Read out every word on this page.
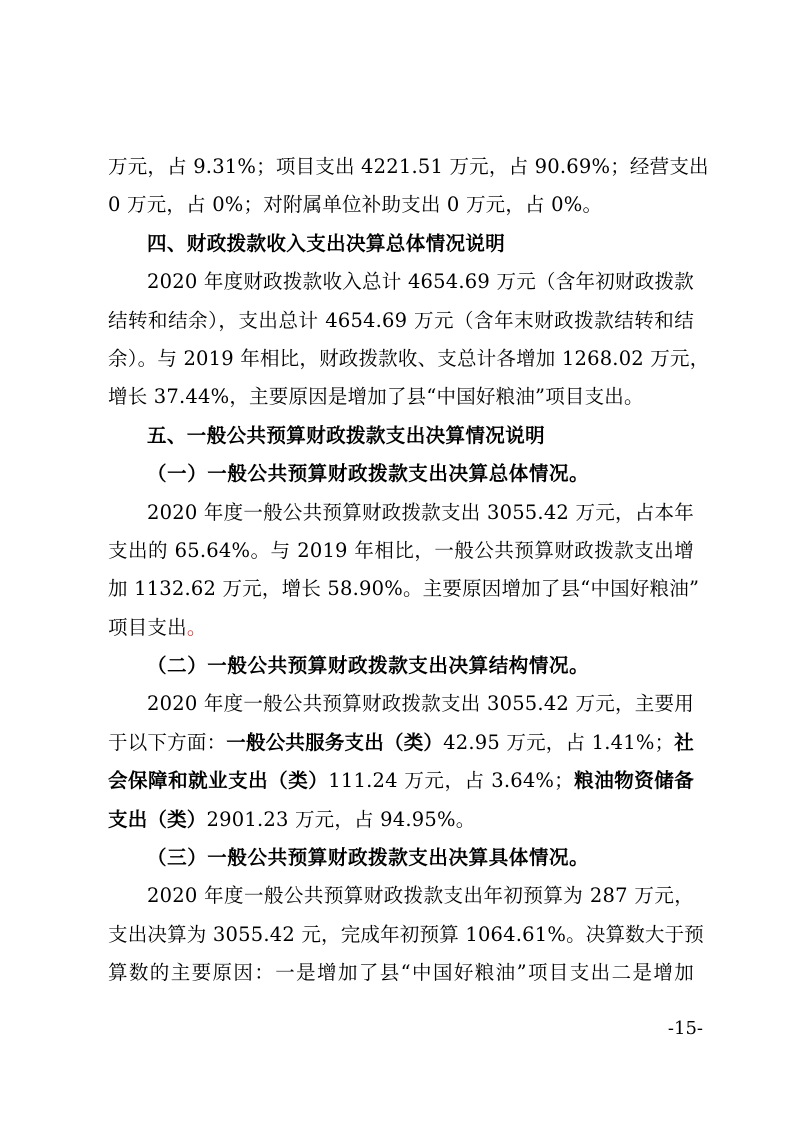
万元，占 9.31%；项目支出 4221.51 万元，占 90.69%；经营支出
0 万元，占 0%；对附属单位补助支出 0 万元，占 0%。
四、财政拨款收入支出决算总体情况说明
2020 年度财政拨款收入总计 4654.69 万元（含年初财政拨款
结转和结余），支出总计 4654.69 万元（含年末财政拨款结转和结
余）。与 2019 年相比，财政拨款收、支总计各增加 1268.02 万元，
增长 37.44%，主要原因是增加了县“中国好粮油”项目支出。
五、一般公共预算财政拨款支出决算情况说明
（一）一般公共预算财政拨款支出决算总体情况。
2020 年度一般公共预算财政拨款支出 3055.42 万元，占本年
支出的 65.64%。与 2019 年相比，一般公共预算财政拨款支出增
加 1132.62 万元，增长 58.90%。主要原因增加了县“中国好粮油”
项目支出。
（二）一般公共预算财政拨款支出决算结构情况。
2020 年度一般公共预算财政拨款支出 3055.42 万元，主要用
于以下方面：一般公共服务支出（类）42.95 万元，占 1.41%；社
会保障和就业支出（类）111.24 万元，占 3.64%；粮油物资储备
支出（类）2901.23 万元，占 94.95%。
（三）一般公共预算财政拨款支出决算具体情况。
2020 年度一般公共预算财政拨款支出年初预算为 287 万元，
支出决算为 3055.42 元，完成年初预算 1064.61%。决算数大于预
算数的主要原因：一是增加了县“中国好粮油”项目支出二是增加
-15-
